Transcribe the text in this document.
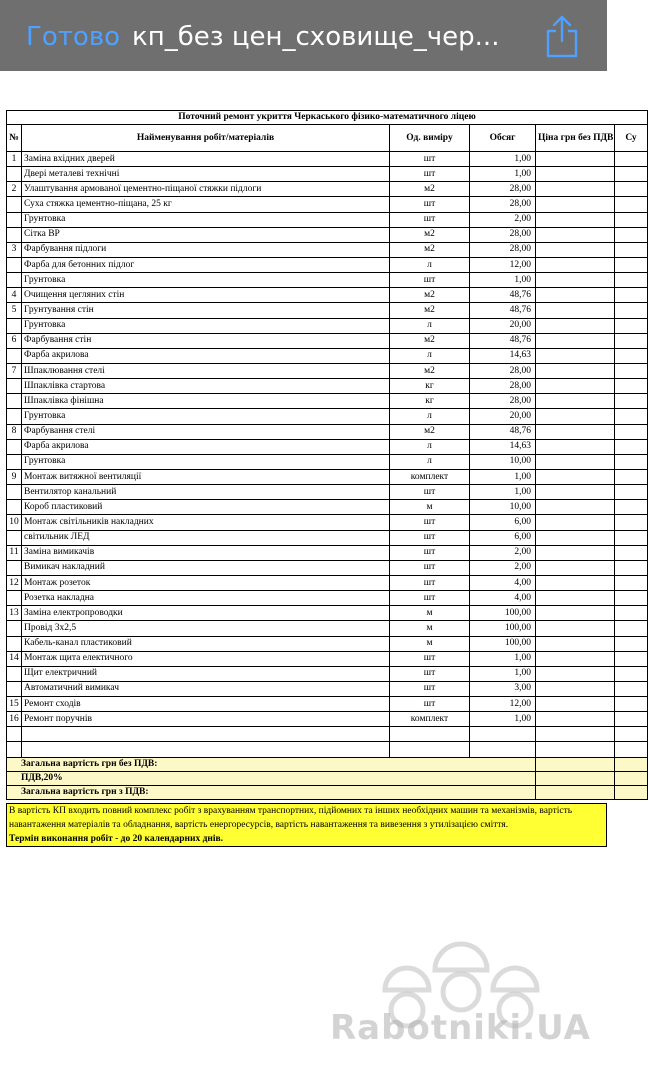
Готово кп_без цен_сховище_чер...
Поточний ремонт укриття Черкаського фізико-математичного ліцею					
№	Найменування робіт/матеріалів	Од. виміру	Обсяг	Ціна грн без ПДВ	Су
1	Заміна вхідних дверей	шт	1,00		
	Двері металеві технічні	шт	1,00		
2	Улаштування армованої цементно-піщаної стяжки підлоги	м2	28,00		
	Суха стяжка цементно-піщана, 25 кг	шт	28,00		
	Грунтовка	шт	2,00		
	Сітка ВР	м2	28,00		
3	Фарбування підлоги	м2	28,00		
	Фарба для бетонних підлог	л	12,00		
	Грунтовка	шт	1,00		
4	Очищення цегляних стін	м2	48,76		
5	Грунтування стін	м2	48,76		
	Грунтовка	л	20,00		
6	Фарбування стін	м2	48,76		
	Фарба акрилова	л	14,63		
7	Шпаклювання стелі	м2	28,00		
	Шпаклівка стартова	кг	28,00		
	Шпаклівка фінішна	кг	28,00		
	Грунтовка	л	20,00		
8	Фарбування стелі	м2	48,76		
	Фарба акрилова	л	14,63		
	Грунтовка	л	10,00		
9	Монтаж витяжної вентиляції	комплект	1,00		
	Вентилятор канальний	шт	1,00		
	Короб пластиковий	м	10,00		
10	Монтаж світільників накладних	шт	6,00		
	світильник ЛЕД	шт	6,00		
11	Заміна вимикачів	шт	2,00		
	Вимикач накладний	шт	2,00		
12	Монтаж розеток	шт	4,00		
	Розетка накладна	шт	4,00		
13	Заміна електропроводки	м	100,00		
	Провід 3х2,5	м	100,00		
	Кабель-канал пластиковий	м	100,00		
14	Монтаж щита електичного	шт	1,00		
	Щит електричний	шт	1,00		
	Автоматичний вимикач	шт	3,00		
15	Ремонт сходів	шт	12,00		
16	Ремонт поручнів	комплект	1,00		

Загальна вартість грн без ПДВ:					
ПДВ,20%					
Загальна вартість грн з ПДВ:					
В вартість КП входить повний комплекс робіт з врахуванням транспортних, підйомних та інших необхідних машин та механізмів, вартість
навантаження матеріалів та обладнання, вартість енергоресурсів, вартість навантаження та вивезення з утилізацією сміття.
Термін виконання робіт - до 20 календарних днів.
Rabotniki.UA
